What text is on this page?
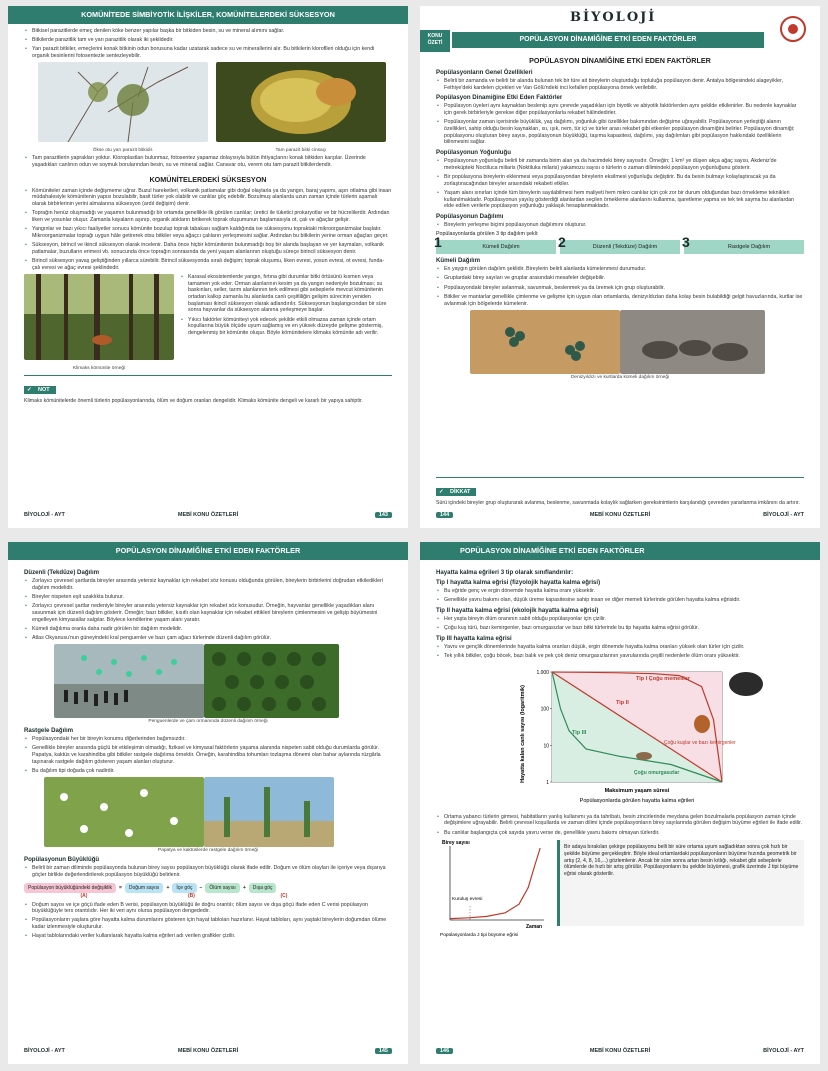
KOMÜNİTEDE SİMBİYOTİK İLİŞKİLER, KOMÜNİTELERDEKİ SÜKSESYON
• Bitkisel parazitlerde emeç denilen köke benzer yapılar başka bir bitkiden besin, su ve mineral alımını sağlar.
• Bitkilerde parazitlik tam ve yarı parazitlik olarak iki şekildedir.
• Yarı parazit bitkiler, emeçlerini konak bitkinin odun borusuna kadar uzatarak sadece su ve minerallerini alır. Bu bitkilerin kloroflleri olduğu için kendi organik besinlerini fotosentezle sentezleyebilir.
Ökse otu yarı parazit bitkidir.	Tam parazit bitki cinsaçı
• Tam parazitlerin yaprakları yoktur. Kloroplastları bulunmaz, fotosentez yapamaz dolayısıyla bütün ihtiyaçlarını konak bitkiden karşılar. Üzerinde yaşadıkları canlının odun ve soymuk borularından besin, su ve mineral sağlar. Canavar otu, verem otu tam parazit bitkilerdendir.
KOMÜNİTELERDEKİ SÜKSESYON
• Kömüniteler zaman içinde değişmeme uğrar. Buzul hareketleri, volkanik patlamalar gibi doğal olaylarla ya da yangın, baraj yapımı, aşırı otlatma gibi insan müdahalesiyle kömünitenin yapısı bozulabilir, basit türler yok olabilir ve canlılar göç edebilir. Bozulmuş alanlarda uzun zaman içinde türlerin aşamalı olarak birbirlerinin yerini almalarına süksesyon (ardıl değişim) denir.
• Toprağın henüz oluşmadığı ve yaşamın bulunmadığı bir ortamda genellikle ilk görülen canlılar; üretici ile tüketici prokaryotlar ve bir hücrelilerdir. Ardından liken ve yosunlar oluşur. Zamanla kayaların aşınıp, organik atıkların birikerek toprak oluşumunun başlamasıyla ot, çalı ve ağaçlar gelişir.
• Yangınlar ve bazı yıkıcı faaliyetler sonucu kömünite bozulup toprak tabakası sağlam kaldığında ise süksesyonu topraktaki mikroorganizmalar başlatır. Mikroorganizmalar toprağı uygun hâle getirerek otsu bitkiler veya ağaçcı çalıların yerleşmesini sağlar. Ardından bu bitkilerin yerine orman ağaçları geçer.
• Süksesyon, birincil ve ikincil süksesyon olarak incelenir. Daha önce hiçbir kömünitenin bulunmadığı boş bir alanda başlayan ve yer kaymaları, volkanik patlamalar, buzulların erimesi vb. sonucunda önce toprağın sonrasında da yeni yaşam alanlarının oluştuğu süreçe birincil süksesyon denir.
• Birincil süksesyon yavaş geliştiğinden yıllarca sürebilir. Birincil süksesyonda sıralı değişim; toprak oluşumu, liken evresi, yosun evresi, ot evresi, funda-çalı evresi ve ağaç evresi şeklindedir.
Klimaks kömünite örneği
• Karasal ekosistemlerde yangın, fırtına gibi durumlar bitki örtüsünü kısmen veya tamamen yok eder. Orman alanlarının kesim ya da yangın nedeniyle bozulması; su baskınları, seller, tarım alanlarının terk edilmesi gibi sebeplerle mevcut kömünitenin ortadan kalkıp zamanla bu alanlarda canlı çeşitliliğin gelişim sürecinin yeniden başlaması ikincil süksesyon olarak adlandırılır. Süksesyonun başlangıcından bir süre sonra hayvanlar da süksesyon alanına yerleşmeye başlar.
• Yıkıcı faktörler kömüniteyi yok edecek şekilde etkili olmazsa zaman içinde ortam koşullarına büyük ölçüde uyum sağlamış ve en yüksek düzeyde gelişme göstermiş, dengelenmiş bir kömünite oluşur. Böyle kömünitelere klimaks kömünite adı verilir.
✓ NOT

Klimaks kömünitelerde önemli türlerin popülasyonlarında, ölüm ve doğum oranları dengelidir. Klimaks kömünite dengeli ve kararlı bir yapıya sahiptir.

BİYOLOJİ - AYT	MEBİ KONU ÖZETLERİ	143
BİYOLOJİ
KONU ÖZETİ	POPÜLASYON DİNAMİĞİNE ETKİ EDEN FAKTÖRLER
POPÜLASYON DİNAMİĞİNE ETKİ EDEN FAKTÖRLER
Popülasyonların Genel Özellikleri
• Belirli bir zamanda ve belirli bir alanda bulunan tek bir türe ait bireylerin oluşturduğu topluluğa popülasyon denir. Antalya bölgesindeki alageyikler, Fethiye'deki kardelen çiçekleri ve Van Gölü'ndeki inci kefalleri popülasyona örnek verilebilir.
Popülasyon Dinamiğine Etki Eden Faktörler
• Popülasyon üyeleri aynı kaynaktan beslenip aynı çevrede yaşadıkları için biyotik ve abiyotik faktörlerden aynı şekilde etkilenirler. Bu nedenle kaynaklar için gerek birbirleriyle gerekse diğer popülasyonlarla rekabet hâlindedirler.
• Popülasyonlar zaman içerisinde büyüklük, yaş dağılımı, yoğunluk gibi özellikler bakımından değişime uğrayabilir. Popülasyonun yerleştiği alanın özellikleri, sahip olduğu besin kaynakları, ısı, ışık, nem, tür içi ve türler arası rekabet gibi etkenler popülasyon dinamiğini belirler. Popülasyon dinamiği; popülasyonu oluşturan birey sayısı, popülasyonun büyüklüğü, taşıma kapasitesi, dağılımı, yaş dağılımları gibi popülasyon hakkındaki özelliklerin bilinmesini sağlar.
Popülasyonun Yoğunluğu
• Popülasyonun yoğunluğu belirli bir zamanda birim alan ya da hacimdeki birey sayısıdır. Örneğin; 1 km² ye düşen akça ağaç sayısı, Akdeniz'de metreküpteki Noctiluca miliaris (Noktiluka milaris) yakamozu sayısı o türlerin o zaman dilimindeki popülasyon yoğunluğunu gösterir.
• Bir popülasyona bireylerin eklenmesi veya popülasyondan bireylerin eksilmesi yoğunluğu değiştirir. Bu da besin bulmayı kolaylaştıracak ya da zorlaştıracağından bireyler arasındaki rekabeti etkiler.
• Yaşam alanı sınırları içinde tüm bireylerin sayılabilmesi hem maliyeti hem mikro canlılar için çok zor bir durum olduğundan bazı örnekleme teknikleri kullanılmaktadır. Popülasyonun yayılış gösterdiği alanlardan seçilen örnekleme alanlarını kullanma, işaretleme yapma ve tek tek sayma bu alanlardan elde edilen verilerle popülasyon yoğunluğu yaklaşık hesaplanmaktadır.
Popülasyonun Dağılımı
• Bireylerin yerleşme biçimi popülasyonun dağılımını oluşturur.
Popülasyonlarda görülen 3 tip dağılım şekli:
1	Kümeli Dağılım	2	Düzenli (Tekdüze) Dağılım	3	Rastgele Dağılım
Kümeli Dağılım
• En yaygın görülen dağılım şeklidir. Bireylerin belirli alanlarda kümelenmesi durumudur.
• Gruplardaki birey sayıları ve gruplar arasındaki mesafeler değişebilir.
• Popülasyondaki bireyler avlanmak, savunmak, beslenmek ya da üremek için grup oluşturabilir.
• Bitkiler ve mantarlar genellikle çimlenme ve gelişme için uygun olan ortamlarda, denizyıldızları daha kolay besin bulabildiği gelgit havuzlarında, kurtlar ise avlanmak için bölgelerde kümelenir.
Denizyıldızı ve kurtlarda kümeli dağılım örneği
✓ DİKKAT

Sürü içindeki bireyler grup oluşturarak avlanma, beslenme, savunmada kolaylık sağlarken gereksinimlerin karşılandığı çevreden yararlanma imkânını da artırır.

144	MEBİ KONU ÖZETLERİ	BİYOLOJİ - AYT
POPÜLASYON DİNAMİĞİNE ETKİ EDEN FAKTÖRLER
Düzenli (Tekdüze) Dağılım
• Zorlayıcı çevresel şartlarda bireyler arasında yetersiz kaynaklar için rekabet söz konusu olduğunda görülen, bireylerin birbirlerini doğrudan etkiledikleri dağılım modelidir.
• Bireyler nispeten eşit uzaklıkta bulunur.
• Zorlayıcı çevresel şartlar nedeniyle bireyler arasında yetersiz kaynaklar için rekabet söz konusudur. Örneğin, hayvanlar genellikle yaşadıkları alanı savunmak için düzenli dağılım gösterir. Örneğin; bazı bitkiler, kısıtlı olan kaynaklar için rekabet ettikleri bireylerin çimlenmesini ve gelişip büyümesini engelleyen kimyasallar salgılar. Böylece kendilerine yaşam alanı yaratır.
• Kümeli dağılıma oranla daha nadir görülen bir dağılım modelidir.
• Atlas Okyanusu'nun güneyindeki kral penguenler ve bazı çam ağacı türlerinde düzenli dağılım görülür.
Penguenlerde ve çam ormanında düzenli dağılım örneği
Rastgele Dağılım
• Popülasyondaki her bir bireyin konumu diğerlerinden bağımsızdır.
• Genellikle bireyler arasında güçlü bir etkileşimin olmadığı, fiziksel ve kimyasal faktörlerin yaşama alanında nispeten sabit olduğu durumlarda görülür. Papatya, kaktüs ve karahindiba gibi bitkiler rastgele dağılıma örnektir. Örneğin, karahindiba tohumları tozlaşma dönemi olan bahar aylarında rüzgârla taşınarak rastgele dağılım gösteren yaşam alanları oluşturur.
• Bu dağılım tipi doğada çok nadirdir.
Papatya ve kaktüslerde rastgele dağılım örneği
Popülasyonun Büyüklüğü
• Belirli bir zaman diliminde popülasyonda bulunan birey sayısı popülasyon büyüklüğü olarak ifade edilir. Doğum ve ölüm olayları ile içeriye veya dışarıya göçler birlikte değerlendirilerek popülasyon büyüklüğü belirlenir.
Popülasyon büyüklüğündeki değişiklik	=	Doğum sayısı	+	İçe göç	−	Ölüm sayısı	+	Dışa göç
(A)	(B)	(C)
• Doğum sayısı ve içe göçü ifade eden B verisi, popülasyon büyüklüğü ile doğru orantılı; ölüm sayısı ve dışa göçü ifade eden C verisi popülasyon büyüklüğüyle ters orantılıdır. Her iki veri aynı olursa popülasyon dengededir.
• Popülasyonların yaşlara göre hayatta kalma durumlarını gösteren için hayat tabloları hazırlanır. Hayat tabloları, aynı yaştaki bireylerin doğumdan ölüme kadar izlenmesiyle oluşturulur.
• Hayat tablolarındaki veriler kullanılarak hayatta kalma eğrileri adı verilen grafikler çizilir.
BİYOLOJİ - AYT	MEBİ KONU ÖZETLERİ	145
POPÜLASYON DİNAMİĞİNE ETKİ EDEN FAKTÖRLER
Hayatta kalma eğrileri 3 tip olarak sınıflandırılır:
Tip I hayatta kalma eğrisi (fizyolojik hayatta kalma eğrisi)
• Bu eğride genç ve ergin dönemde hayatta kalma oranı yüksektir.
• Genellikle yavru bakımı olan, düşük üreme kapasitesine sahip insan ve diğer memeli türlerinde görülen hayatta kalma eğrisidir.
Tip II hayatta kalma eğrisi (ekolojik hayatta kalma eğrisi)
• Her yaşta bireyin ölüm oranının sabit olduğu popülasyonlar için çizilir.
• Çoğu kuş türü, bazı kemirgenler, bazı omurgasızlar ve bazı bitki türlerinde bu tip hayatta kalma eğrisi görülür.
Tip III hayatta kalma eğrisi
• Yavru ve gençlik dönemlerinde hayatta kalma oranları düşük, ergin dönemde hayatta kalma oranları yüksek olan türler için çizilir.
• Tek yıllık bitkiler, çoğu böcek, bazı balık ve pek çok deniz omurgasızlarının yavrularında çeşitli nedenlerle ölüm oranı yüksektir.
1.000
100
10
1
Hayatta kalan canlı sayısı (logaritmik)
Maksimum yaşam süresi
Popülasyonlarda görülen hayatta kalma eğrileri
Tip I Çoğu memeliler
Tip II
Tip III
Çoğu kuşlar ve bazı kemirgenler
Çoğu omurgasızlar
• Ortama yabancı türlerin girmesi, habitatların yanlış kullanımı ya da tahribatı, besin zincirlerinde meydana gelen bozulmalarla popülasyon zaman içinde değişimlere uğrayabilir. Belirli çevresel koşullarda ve zaman dilimi içinde popülasyonların birey sayılarında görülen değişim büyüme eğrileri ile ifade edilir.
• Bu canlılar başlangıçta çok sayıda yavru verse de, genellikle yavru bakımı olmayan türlerdir.
Birey sayısı
Zaman
Kuruluş evresi
Popülasyonlarda J tipi büyüme eğrisi
Bir adaya bırakılan çekirge popülasyonu belli bir süre ortama uyum sağladıktan sonra çok hızlı bir şekilde büyüme gerçekleştirir. Böyle ideal ortamlardaki popülasyonların büyüme hızında geometrik bir artış (2, 4, 8, 16,...) gözlemlenir. Ancak bir süre sonra artan besin kıtlığı, rekabet gibi sebeplerle ölümlerde de hızlı bir artış görülür. Popülasyonların bu şekilde büyümesi, grafik üzerinde J tipi büyüme eğrisi olarak gösterilir.
146	MEBİ KONU ÖZETLERİ	BİYOLOJİ - AYT
